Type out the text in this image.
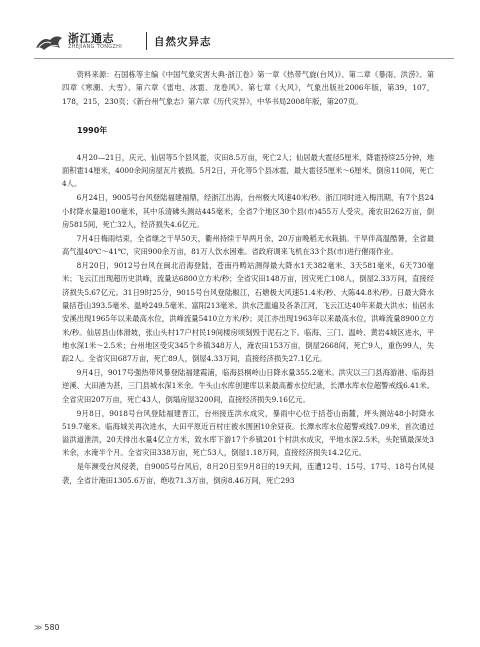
浙江通志
ZHEJIANG TONGZHI	自然灾异志

资料来源：石国栋等主编《中国气象灾害大典·浙江卷》第一章《热带气旋(台风)》、第二章《暴雨、洪涝》、第四章《寒潮、大雪》、第六章《雷电、冰雹、龙卷风》、第七章《大风》，气象出版社2006年版，第39，107，178，215，230页；《新台州气象志》第六章《历代灾异》，中华书局2008年版，第207页。

1990年

4月20—21日，庆元、仙居等5个县风雹，灾田8.5万亩，死亡2人；仙居最大雹径5厘米，降雹持续25分钟，地面积雹14厘米，4000余间房屋瓦片被损。5月2日，开化等5个县冰雹，最大雹径5厘米～6厘米，倒房110间，死亡4人。

6月24日，9005号台风登陆福建福鼎，经浙江出海，台州极大风速40米/秒。浙江同时进入梅汛期，有7个县24小时降水量超100毫米，其中乐清砩头测站445毫米，全省7个地区30个县(市)455万人受灾，淹农田262万亩，倒房5815间，死亡32人，经济损失4.6亿元。

7月4日梅雨结束，全省继之干旱50天，衢州持续干旱两月余，20万亩晚稻无水栽插。干旱伴高温酷暑，全省最高气温40℃～41℃，灾田900余万亩，81万人饮水困难。省政府调来飞机在33个县(市)进行催雨作业。

8月20日，9012号台风在闽北沿海登陆，苍南丹畴站测得最大降水1天382毫米、3天581毫米，6天730毫米；飞云江出现超历史洪峰，流量达6800立方米/秒；全省灾田148万亩，因灾死亡108人，倒屋2.33万间，直接经济损失5.67亿元。31日9时25分，9015号台风登陆椒江，石塘极大风速51.4米/秒、大陈44.8米/秒。日最大降水量括苍山393.5毫米、温岭249.5毫米、富阳213毫米。洪水泛滥遍及各条江河，飞云江达40年来最大洪水；仙居永安溪出现1965年以来最高水位，洪峰流量5410立方米/秒；灵江亦出现1963年以来最高水位，洪峰流量8900立方米/秒。仙居县山体滑坡，张山头村17户村民19间楼房顷刻毁于泥石之下。临海、三门、温岭、黄岩4城区进水，平地水深1米～2.5米；台州地区受灾345个乡镇348万人，淹农田153万亩，倒屋2668间，死亡9人，重伤99人，失踪2人。全省灾田687万亩，死亡89人，倒屋4.33万间，直接经济损失27.1亿元。

9月4日，9017号强热带风暴登陆福建霞浦，临海县桐岭山日降水量355.2毫米。洪灾以三门县海游港、临海县逆溪、大田港为甚，三门县城水深1米余。牛头山水库创建库以来最高蓄水位纪录，长潭水库水位超警戒线6.41米。全省灾田207万亩，死亡43人，倒塌房屋3200间，直接经济损失9.16亿元。

9月8日，9018号台风登陆福建晋江，台州接连洪水成灾，暴雨中心位于括苍山南麓，坪头测站48小时降水519.7毫米。临海城关再次进水，大田平原近百村庄被水围困10余昼夜。长潭水库水位超警戒线7.09米，首次通过溢洪道泄洪，20天排出水量4亿立方米，致水库下游17个乡镇201个村洪水成灾，平地水深2.5米，头陀镇最深处3米余，水淹半个月。全省灾田338万亩，死亡53人，倒屋1.18万间，直接经济损失14.2亿元。

是年濒受台风侵袭，自9005号台风后，8月20日至9月8日的19天间，连遭12号、15号、17号、18号台风侵袭，全省计淹田1305.6万亩，绝收71.3万亩，倒房8.46万间，死亡293

≫ 580
